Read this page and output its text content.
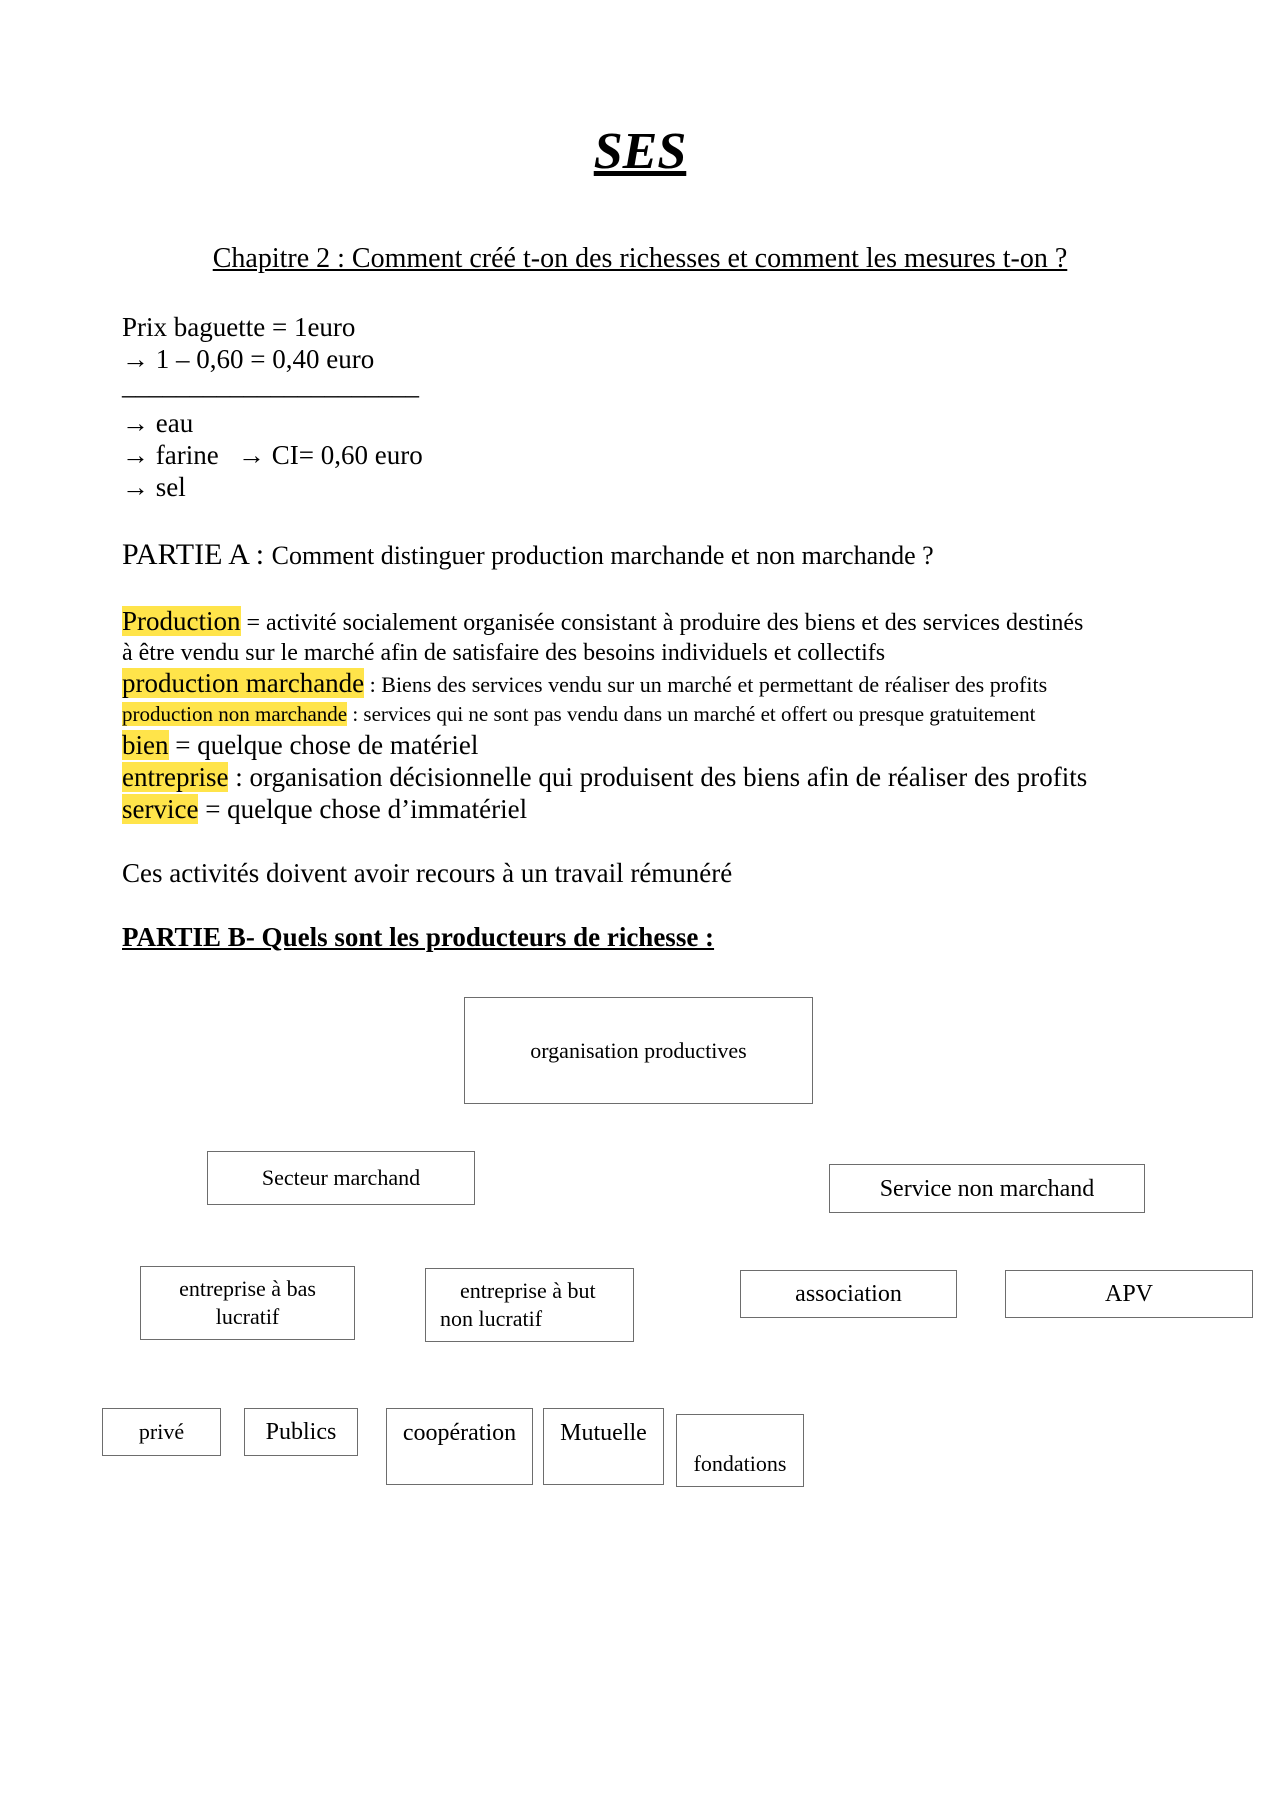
SES
Chapitre 2 : Comment créé t-on des richesses et comment les mesures t-on ?
Prix baguette = 1euro
→ 1 – 0,60 = 0,40 euro
______________________
→ eau
→ farine → CI= 0,60 euro
→ sel
PARTIE A : Comment distinguer production marchande et non marchande ?
Production = activité socialement organisée consistant à produire des biens et des services destinés
à être vendu sur le marché afin de satisfaire des besoins individuels et collectifs
production marchande : Biens des services vendu sur un marché et permettant de réaliser des profits
production non marchande : services qui ne sont pas vendu dans un marché et offert ou presque gratuitement
bien = quelque chose de matériel
entreprise : organisation décisionnelle qui produisent des biens afin de réaliser des profits
service = quelque chose d’immatériel
Ces activités doivent avoir recours à un travail rémunéré
PARTIE B- Quels sont les producteurs de richesse :
organisation productives
Secteur marchand	Service non marchand
entreprise à bas
lucratif
entreprise à but
non lucratif
association	APV
privé	Publics	coopération Mutuelle
fondations
